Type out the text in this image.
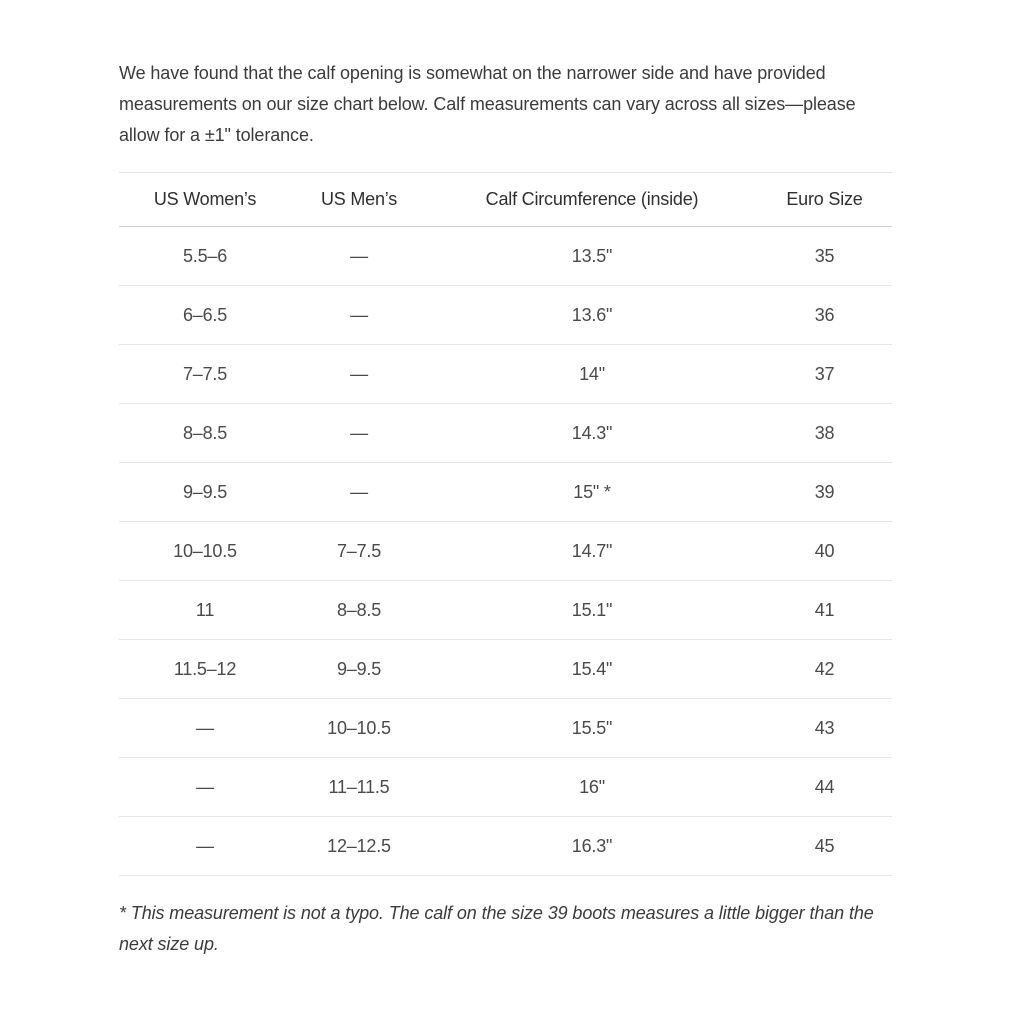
We have found that the calf opening is somewhat on the narrower side and have provided measurements on our size chart below. Calf measurements can vary across all sizes—please allow for a ±1" tolerance.

US Women’s	US Men’s	Calf Circumference (inside)	Euro Size
5.5–6	—	13.5"	35
6–6.5	—	13.6"	36
7–7.5	—	14"	37
8–8.5	—	14.3"	38
9–9.5	—	15" *	39
10–10.5	7–7.5	14.7"	40
11	8–8.5	15.1"	41
11.5–12	9–9.5	15.4"	42
—	10–10.5	15.5"	43
—	11–11.5	16"	44
—	12–12.5	16.3"	45

* This measurement is not a typo. The calf on the size 39 boots measures a little bigger than the next size up.
